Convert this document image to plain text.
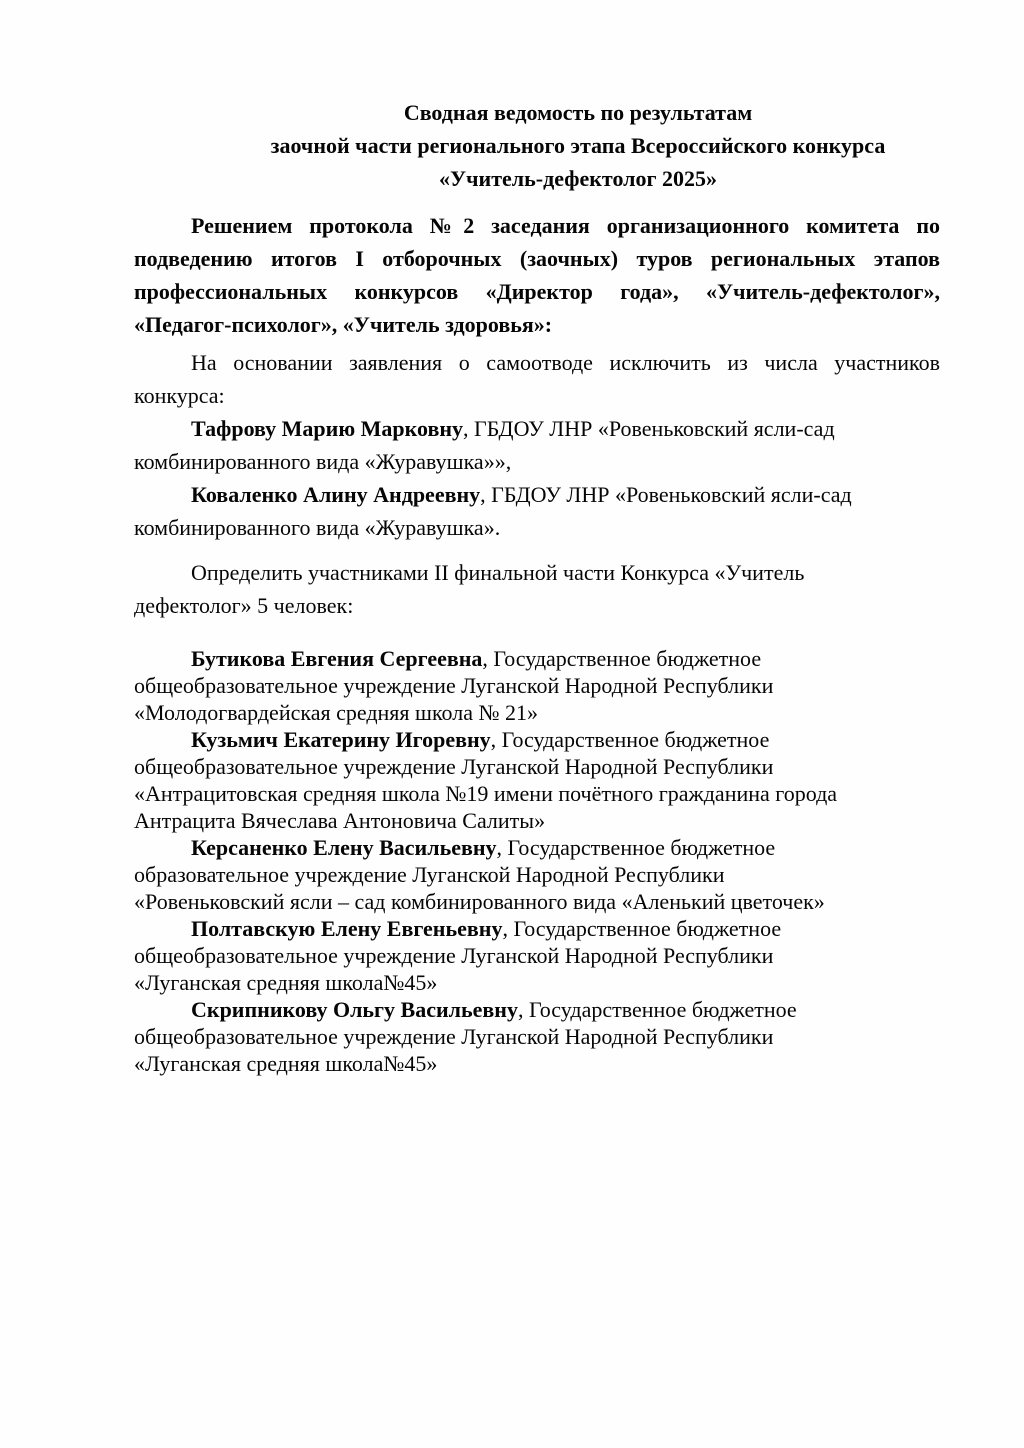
Сводная ведомость по результатам
заочной части регионального этапа Всероссийского конкурса
«Учитель-дефектолог 2025»
Решением протокола №2 заседания организационного комитета по
подведению итогов I отборочных (заочных) туров региональных этапов
профессиональных конкурсов «Директор года», «Учитель-дефектолог»,
«Педагог-психолог», «Учитель здоровья»:
На основании заявления о самоотводе исключить из числа участников
конкурса:
Тафрову Марию Марковну, ГБДОУ ЛНР «Ровеньковский ясли-сад
комбинированного вида «Журавушка»»,
Коваленко Алину Андреевну, ГБДОУ ЛНР «Ровеньковский ясли-сад
комбинированного вида «Журавушка».
Определить участниками II финальной части Конкурса «Учитель
дефектолог» 5 человек:
Бутикова Евгения Сергеевна, Государственное бюджетное
общеобразовательное учреждение Луганской Народной Республики
«Молодогвардейская средняя школа № 21»
Кузьмич Екатерину Игоревну, Государственное бюджетное
общеобразовательное учреждение Луганской Народной Республики
«Антрацитовская средняя школа №19 имени почётного гражданина города
Антрацита Вячеслава Антоновича Салиты»
Керсаненко Елену Васильевну, Государственное бюджетное
образовательное учреждение Луганской Народной Республики
«Ровеньковский ясли – сад комбинированного вида «Аленький цветочек»
Полтавскую Елену Евгеньевну, Государственное бюджетное
общеобразовательное учреждение Луганской Народной Республики
«Луганская средняя школа№45»
Скрипникову Ольгу Васильевну, Государственное бюджетное
общеобразовательное учреждение Луганской Народной Республики
«Луганская средняя школа№45»
